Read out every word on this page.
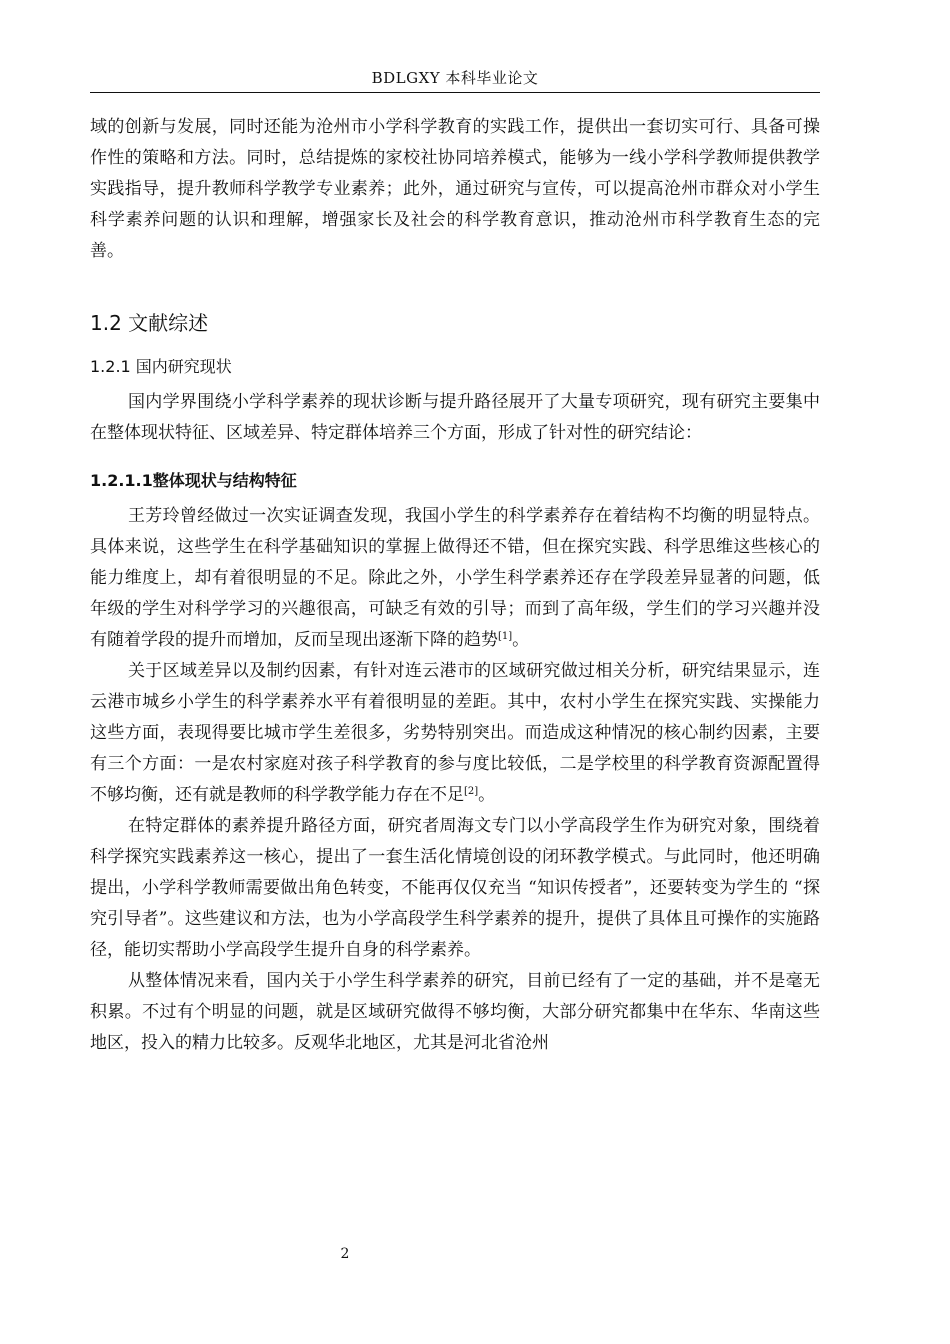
BDLGXY 本科毕业论文

域的创新与发展，同时还能为沧州市小学科学教育的实践工作，提供出一套切实可行、具备可操作性的策略和方法。同时，总结提炼的家校社协同培养模式，能够为一线小学科学教师提供教学实践指导，提升教师科学教学专业素养；此外，通过研究与宣传，可以提高沧州市群众对小学生科学素养问题的认识和理解，增强家长及社会的科学教育意识，推动沧州市科学教育生态的完善。

1.2 文献综述
1.2.1 国内研究现状

国内学界围绕小学科学素养的现状诊断与提升路径展开了大量专项研究，现有研究主要集中在整体现状特征、区域差异、特定群体培养三个方面，形成了针对性的研究结论：

1.2.1.1整体现状与结构特征

王芳玲曾经做过一次实证调查发现，我国小学生的科学素养存在着结构不均衡的明显特点。具体来说，这些学生在科学基础知识的掌握上做得还不错，但在探究实践、科学思维这些核心的能力维度上，却有着很明显的不足。除此之外，小学生科学素养还存在学段差异显著的问题，低年级的学生对科学学习的兴趣很高，可缺乏有效的引导；而到了高年级，学生们的学习兴趣并没有随着学段的提升而增加，反而呈现出逐渐下降的趋势[1]。

关于区域差异以及制约因素，有针对连云港市的区域研究做过相关分析，研究结果显示，连云港市城乡小学生的科学素养水平有着很明显的差距。其中，农村小学生在探究实践、实操能力这些方面，表现得要比城市学生差很多，劣势特别突出。而造成这种情况的核心制约因素，主要有三个方面：一是农村家庭对孩子科学教育的参与度比较低，二是学校里的科学教育资源配置得不够均衡，还有就是教师的科学教学能力存在不足[2]。

在特定群体的素养提升路径方面，研究者周海文专门以小学高段学生作为研究对象，围绕着科学探究实践素养这一核心，提出了一套生活化情境创设的闭环教学模式。与此同时，他还明确提出，小学科学教师需要做出角色转变，不能再仅仅充当 “知识传授者”，还要转变为学生的 “探究引导者”。这些建议和方法，也为小学高段学生科学素养的提升，提供了具体且可操作的实施路径，能切实帮助小学高段学生提升自身的科学素养。

从整体情况来看，国内关于小学生科学素养的研究，目前已经有了一定的基础，并不是毫无积累。不过有个明显的问题，就是区域研究做得不够均衡，大部分研究都集中在华东、华南这些地区，投入的精力比较多。反观华北地区，尤其是河北省沧州

2
